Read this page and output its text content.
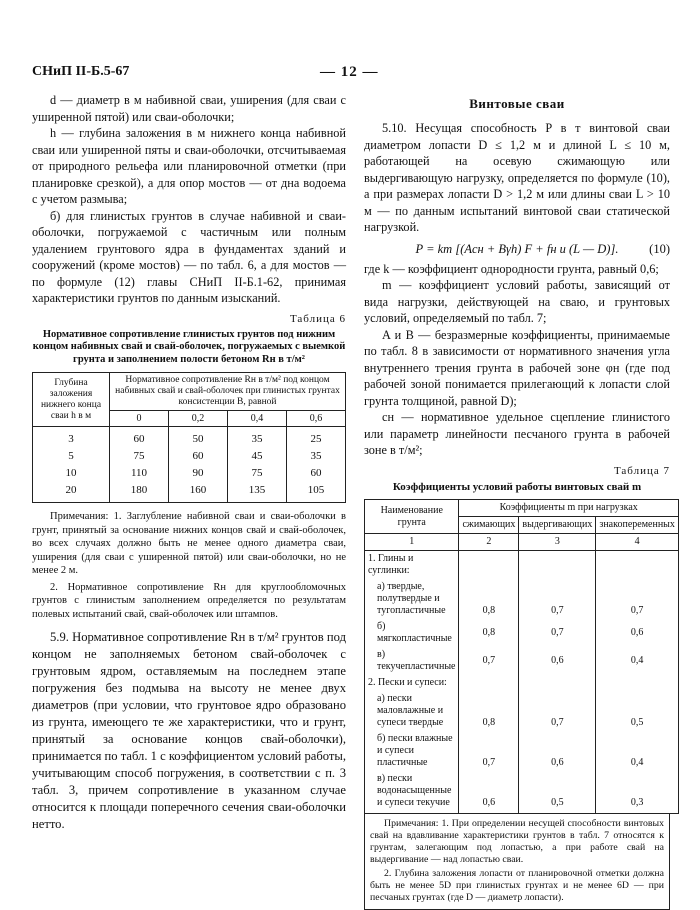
СНиП II-Б.5-67	— 12 —

d — диаметр в м набивной сваи, уширения (для сваи с уширенной пятой) или сваи-оболочки;

h — глубина заложения в м нижнего конца набивной сваи или уширенной пяты и сваи-оболочки, отсчитываемая от природного рельефа или планировочной отметки (при планировке срезкой), а для опор мостов — от дна водоема с учетом размыва;

б) для глинистых грунтов в случае набивной и сваи-оболочки, погружаемой с частичным или полным удалением грунтового ядра в фундаментах зданий и сооружений (кроме мостов) — по табл. 6, а для мостов — по формуле (12) главы СНиП II-Б.1-62, принимая характеристики грунтов по данным изысканий.

Таблица 6
Нормативное сопротивление глинистых грунтов под нижним концом набивных свай и свай-оболочек, погружаемых с выемкой грунта и заполнением полости бетоном Rн в т/м²
Глубина заложения нижнего конца сваи h в м	Нормативное сопротивление Rн в т/м² под концом набивных свай и свай-оболочек при глинистых грунтах консистенции B, равной			
	0	0,2	0,4	0,6
3	60	50	35	25
5	75	60	45	35
10	110	90	75	60
20	180	160	135	105

Примечания: 1. Заглубление набивной сваи и сваи-оболочки в грунт, принятый за основание нижних концов свай и свай-оболочек, во всех случаях должно быть не менее одного диаметра сваи, уширения (для сваи с уширенной пятой) или сваи-оболочки, но не менее 2 м.

2. Нормативное сопротивление Rн для круглообломочных грунтов с глинистым заполнением определяется по результатам полевых испытаний свай, свай-оболочек или штампов.

5.9. Нормативное сопротивление Rн в т/м² грунтов под концом не заполняемых бетоном свай-оболочек с грунтовым ядром, оставляемым на последнем этапе погружения без подмыва на высоту не менее двух диаметров (при условии, что грунтовое ядро образовано из грунта, имеющего те же характеристики, что и грунт, принятый за основание концов свай-оболочки), принимается по табл. 1 с коэффициентом условий работы, учитывающим способ погружения, в соответствии с п. 3 табл. 3, причем сопротивление в указанном случае относится к площади поперечного сечения сваи-оболочки нетто.

Винтовые сваи

5.10. Несущая способность P в т винтовой сваи диаметром лопасти D ≤ 1,2 м и длиной L ≤ 10 м, работающей на осевую сжимающую или выдергивающую нагрузку, определяется по формуле (10), а при размерах лопасти D > 1,2 м или длины сваи L > 10 м — по данным испытаний винтовой сваи статической нагрузкой.

P = km [(Acн + Bγh) F + fн u (L — D)]. (10)

где k — коэффициент однородности грунта, равный 0,6;

m — коэффициент условий работы, зависящий от вида нагрузки, действующей на сваю, и грунтовых условий, определяемый по табл. 7;

A и B — безразмерные коэффициенты, принимаемые по табл. 8 в зависимости от нормативного значения угла внутреннего трения грунта в рабочей зоне φн (где под рабочей зоной понимается прилегающий к лопасти слой грунта толщиной, равной D);

cн — нормативное удельное сцепление глинистого или параметр линейности песчаного грунта в рабочей зоне в т/м²;

Таблица 7
Коэффициенты условий работы винтовых свай m
Наименование грунта	Коэффициенты m при нагрузках		
	сжимающих	выдергивающих	знакопеременных
1	2	3	4
1. Глины и суглинки:			
а) твердые, полутвердые и тугопластичные	0,8	0,7	0,7
б) мягкопластичные	0,8	0,7	0,6
в) текучепластичные	0,7	0,6	0,4
2. Пески и супеси:			
а) пески маловлажные и супеси твердые	0,8	0,7	0,5
б) пески влажные и супеси пластичные	0,7	0,6	0,4
в) пески водонасыщенные и супеси текучие	0,6	0,5	0,3

Примечания: 1. При определении несущей способности винтовых свай на вдавливание характеристики грунтов в табл. 7 относятся к грунтам, залегающим под лопастью, а при работе свай на выдергивание — над лопастью сваи.

2. Глубина заложения лопасти от планировочной отметки должна быть не менее 5D при глинистых грунтах и не менее 6D — при песчаных грунтах (где D — диаметр лопасти).
